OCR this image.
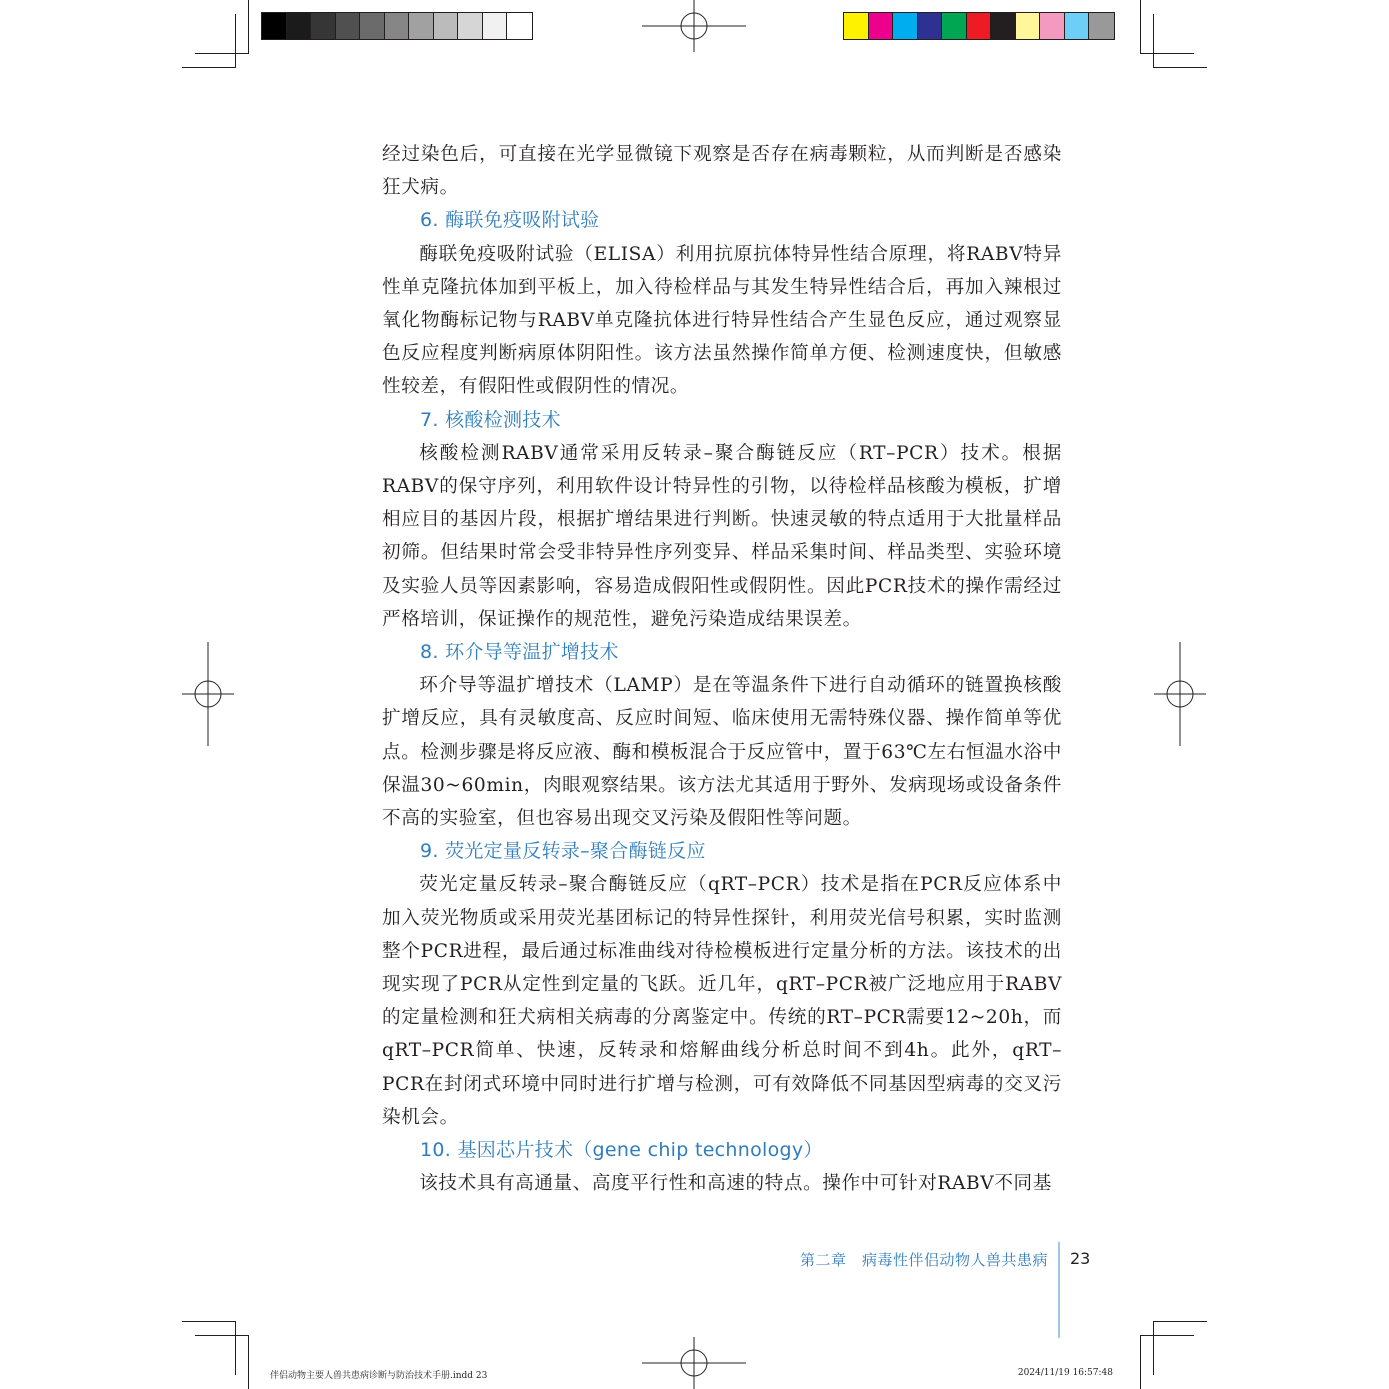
经过染色后，可直接在光学显微镜下观察是否存在病毒颗粒，从而判断是否感染狂犬病。

6. 酶联免疫吸附试验

酶联免疫吸附试验（ELISA）利用抗原抗体特异性结合原理，将RABV特异性单克隆抗体加到平板上，加入待检样品与其发生特异性结合后，再加入辣根过氧化物酶标记物与RABV单克隆抗体进行特异性结合产生显色反应，通过观察显色反应程度判断病原体阴阳性。该方法虽然操作简单方便、检测速度快，但敏感性较差，有假阳性或假阴性的情况。

7. 核酸检测技术

核酸检测RABV通常采用反转录–聚合酶链反应（RT–PCR）技术。根据RABV的保守序列，利用软件设计特异性的引物，以待检样品核酸为模板，扩增相应目的基因片段，根据扩增结果进行判断。快速灵敏的特点适用于大批量样品初筛。但结果时常会受非特异性序列变异、样品采集时间、样品类型、实验环境及实验人员等因素影响，容易造成假阳性或假阴性。因此PCR技术的操作需经过严格培训，保证操作的规范性，避免污染造成结果误差。

8. 环介导等温扩增技术

环介导等温扩增技术（LAMP）是在等温条件下进行自动循环的链置换核酸扩增反应，具有灵敏度高、反应时间短、临床使用无需特殊仪器、操作简单等优点。检测步骤是将反应液、酶和模板混合于反应管中，置于63℃左右恒温水浴中保温30~60min，肉眼观察结果。该方法尤其适用于野外、发病现场或设备条件不高的实验室，但也容易出现交叉污染及假阳性等问题。

9. 荧光定量反转录–聚合酶链反应

荧光定量反转录–聚合酶链反应（qRT–PCR）技术是指在PCR反应体系中加入荧光物质或采用荧光基团标记的特异性探针，利用荧光信号积累，实时监测整个PCR进程，最后通过标准曲线对待检模板进行定量分析的方法。该技术的出现实现了PCR从定性到定量的飞跃。近几年，qRT–PCR被广泛地应用于RABV的定量检测和狂犬病相关病毒的分离鉴定中。传统的RT–PCR需要12~20h，而qRT–PCR简单、快速，反转录和熔解曲线分析总时间不到4h。此外，qRT–PCR在封闭式环境中同时进行扩增与检测，可有效降低不同基因型病毒的交叉污染机会。

10. 基因芯片技术（gene chip technology）

该技术具有高通量、高度平行性和高速的特点。操作中可针对RABV不同基

第二章　病毒性伴侣动物人兽共患病 23
伴侣动物主要人兽共患病诊断与防治技术手册.indd 23	2024/11/19 16:57:48
